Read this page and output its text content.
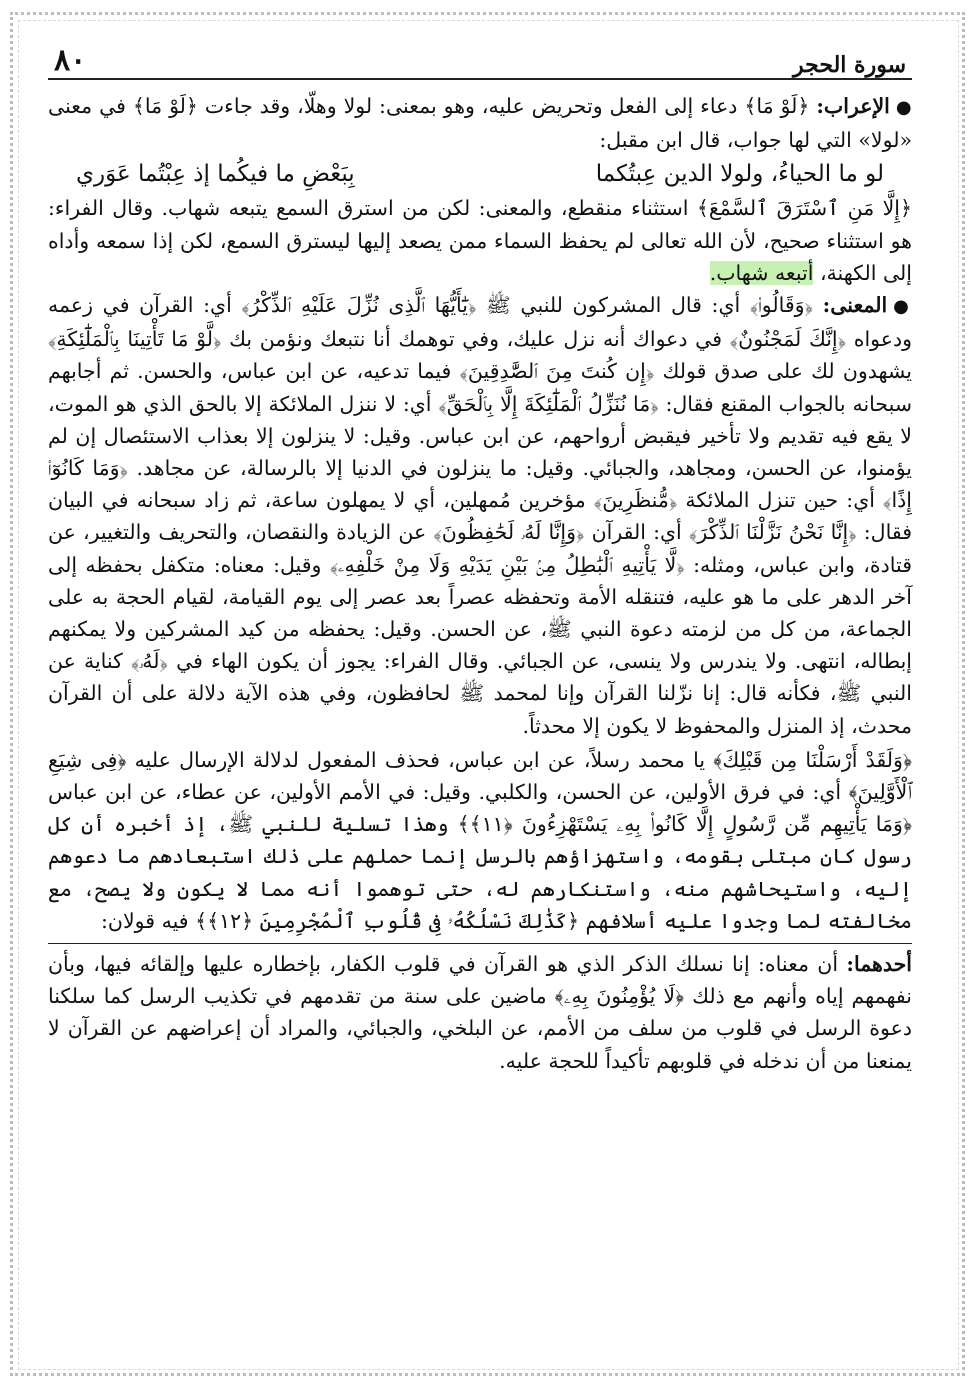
سورة الحجر
٨٠

●الإعراب: ﴿لَوْ مَا﴾ دعاء إلى الفعل وتحريض عليه، وهو بمعنى: لولا وهلّا، وقد جاءت ﴿لَوْ مَا﴾ في معنى «لولا» التي لها جواب، قال ابن مقبل:

لو ما الحياءُ، ولولا الدين عِبتُكما
بِبَعْضِ ما فيكُما إذ عِبْتُما عَوَري

﴿إِلَّا مَنِ ٱسْتَرَقَ ٱلسَّمْعَ﴾ استثناء منقطع، والمعنى: لكن من استرق السمع يتبعه شهاب. وقال الفراء: هو استثناء صحيح، لأن الله تعالى لم يحفظ السماء ممن يصعد إليها ليسترق السمع، لكن إذا سمعه وأداه إلى الكهنة، أتبعه شهاب.

●المعنى: ﴿وَقَالُوا۟﴾ أي: قال المشركون للنبي ﷺ ﴿يَٰٓأَيُّهَا ٱلَّذِى نُزِّلَ عَلَيْهِ ٱلذِّكْرُ﴾ أي: القرآن في زعمه ودعواه ﴿إِنَّكَ لَمَجْنُونٌ﴾ في دعواك أنه نزل عليك، وفي توهمك أنا نتبعك ونؤمن بك ﴿لَّوْ مَا تَأْتِينَا بِٱلْمَلَٰٓئِكَةِ﴾ يشهدون لك على صدق قولك ﴿إِن كُنتَ مِنَ ٱلصَّٰدِقِينَ﴾ فيما تدعيه، عن ابن عباس، والحسن. ثم أجابهم سبحانه بالجواب المقنع فقال: ﴿مَا نُنَزِّلُ ٱلْمَلَٰٓئِكَةَ إِلَّا بِٱلْحَقِّ﴾ أي: لا ننزل الملائكة إلا بالحق الذي هو الموت، لا يقع فيه تقديم ولا تأخير فيقبض أرواحهم، عن ابن عباس. وقيل: لا ينزلون إلا بعذاب الاستئصال إن لم يؤمنوا، عن الحسن، ومجاهد، والجبائي. وقيل: ما ينزلون في الدنيا إلا بالرسالة، عن مجاهد. ﴿وَمَا كَانُوٓا۟ إِذًا﴾ أي: حين تنزل الملائكة ﴿مُّنظَرِينَ﴾ مؤخرين مُمهلين، أي لا يمهلون ساعة، ثم زاد سبحانه في البيان فقال: ﴿إِنَّا نَحْنُ نَزَّلْنَا ٱلذِّكْرَ﴾ أي: القرآن ﴿وَإِنَّا لَهُۥ لَحَٰفِظُونَ﴾ عن الزيادة والنقصان، والتحريف والتغيير، عن قتادة، وابن عباس، ومثله: ﴿لَّا يَأْتِيهِ ٱلْبَٰطِلُ مِنۢ بَيْنِ يَدَيْهِ وَلَا مِنْ خَلْفِهِۦ﴾ وقيل: معناه: متكفل بحفظه إلى آخر الدهر على ما هو عليه، فتنقله الأمة وتحفظه عصراً بعد عصر إلى يوم القيامة، لقيام الحجة به على الجماعة، من كل من لزمته دعوة النبي ﷺ، عن الحسن. وقيل: يحفظه من كيد المشركين ولا يمكنهم إبطاله، انتهى. ولا يندرس ولا ينسى، عن الجبائي. وقال الفراء: يجوز أن يكون الهاء في ﴿لَهُۥ﴾ كناية عن النبي ﷺ، فكأنه قال: إنا نزّلنا القرآن وإنا لمحمد ﷺ لحافظون، وفي هذه الآية دلالة على أن القرآن محدث، إذ المنزل والمحفوظ لا يكون إلا محدثاً.

﴿وَلَقَدْ أَرْسَلْنَا مِن قَبْلِكَ﴾ يا محمد رسلاً، عن ابن عباس، فحذف المفعول لدلالة الإرسال عليه ﴿فِى شِيَعِ ٱلْأَوَّلِينَ﴾ أي: في فرق الأولين، عن الحسن، والكلبي. وقيل: في الأمم الأولين، عن عطاء، عن ابن عباس ﴿وَمَا يَأْتِيهِم مِّن رَّسُولٍ إِلَّا كَانُوا۟ بِهِۦ يَسْتَهْزِءُونَ ﴿١١﴾﴾ وهذا تسلية للنبي ﷺ، إذ أخبره أن كل رسول كان مبتلى بقومه، واستهزاؤهم بالرسل إنما حملهم على ذلك استبعادهم ما دعوهم إليه، واستيحاشهم منه، واستنكارهم له، حتى توهموا أنه مما لا يكون ولا يصح، مع مخالفته لما وجدوا عليه أسلافهم ﴿كَذَٰلِكَ نَسْلُكُهُۥ فِى قُلُوبِ ٱلْمُجْرِمِينَ ﴿١٢﴾﴾ فيه قولان:

أحدهما: أن معناه: إنا نسلك الذكر الذي هو القرآن في قلوب الكفار، بإخطاره عليها وإلقائه فيها، وبأن نفهمهم إياه وأنهم مع ذلك ﴿لَا يُؤْمِنُونَ بِهِۦ﴾ ماضين على سنة من تقدمهم في تكذيب الرسل كما سلكنا دعوة الرسل في قلوب من سلف من الأمم، عن البلخي، والجبائي، والمراد أن إعراضهم عن القرآن لا يمنعنا من أن ندخله في قلوبهم تأكيداً للحجة عليه.
